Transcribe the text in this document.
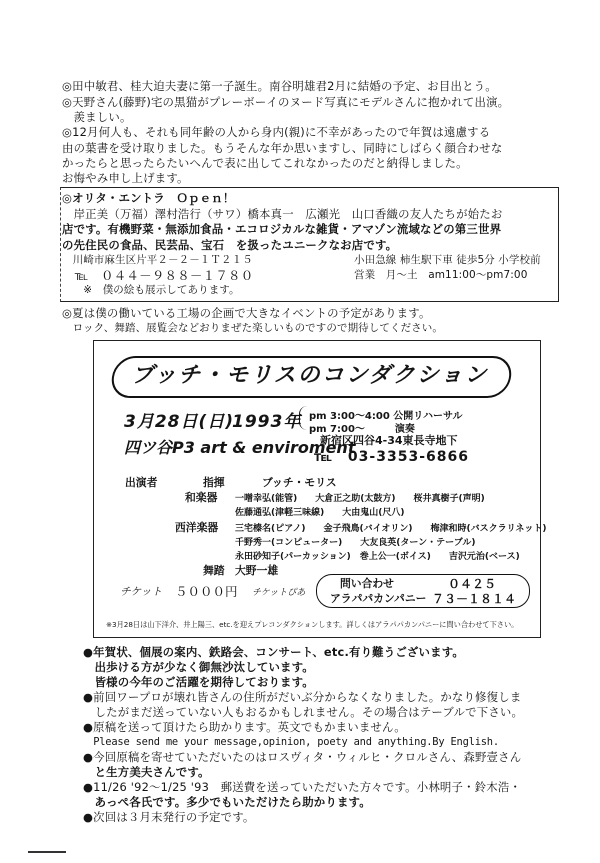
◎田中敏君、桂大迫夫妻に第一子誕生。南谷明雄君2月に結婚の予定、お目出とう。
◎天野さん(藤野)宅の黒猫がプレーボーイのヌード写真にモデルさんに抱かれて出演。
　羨ましい。
◎12月何人も、それも同年齢の人から身内(親)に不幸があったので年賀は遠慮する
由の葉書を受け取りました。もうそんな年か思いますし、同時にしばらく顔合わせな
かったらと思ったらたいへんで表に出してこれなかったのだと納得しました。
お悔やみ申し上げます。
◎オリタ・エントラ　Ｏｐｅｎ！
　岸正美（万福）澤村浩行（サワ）橋本真一　広瀬光　山口香織の友人たちが始たお
店です。有機野菜・無添加食品・エコロジカルな雑貨・アマゾン流域などの第三世界
の先住民の食品、民芸品、宝石　を扱ったユニークなお店です。
　川崎市麻生区片平２－２－１Ｔ２１５	小田急線 柿生駅下車 徒歩5分 小学校前
　℡　０４４－９８８－１７８０	営業　月〜土　am11:00〜pm7:00
　　※　僕の絵も展示してあります。
◎夏は僕の働いている工場の企画で大きなイベントの予定があります。
　ロック、舞踏、展覧会などおりまぜた楽しいものですので期待してください。
ブッチ・モリスのコンダクション
3月28日(日)
1993年 pm 3:00〜4:00 公開リハーサル
pm 7:00〜　　　演奏
四ツ谷P3 art & enviroment
新宿区四谷4-34東長寺地下
℡　03-3353-6866
出演者	指揮	ブッチ・モリス
和楽器 一噌幸弘(能管)　　大倉正之助(太鼓方)　　桜井真樹子(声明)
佐藤通弘(津軽三味線)　　大由鬼山(尺八)
西洋楽器 三宅榛名(ピアノ)　　金子飛鳥(バイオリン)　　梅津和時(バスクラリネット)
千野秀一(コンピューター)　　大友良英(ターン・テーブル)
永田砂知子(パーカッション)　巻上公一(ボイス)　　吉沢元治(ベース)
舞踏 大野一雄
チケット ５０００円 チケットぴあ
問い合わせ	０４２５
アラパパカンパニー ７３－１８１４
※3月28日は山下洋介、井上陽三、etc.を迎えプレコンダクションします。詳しくはアラパパカンパニーに問い合わせて下さい。
●年賀状、個展の案内、鉄路会、コンサート、etc.有り難うございます。
　出歩ける方が少なく御無沙汰しています。
　皆様の今年のご活躍を期待しております。
●前回ワープロが壊れ皆さんの住所がだいぶ分からなくなりました。かなり修復しま
　したがまだ送っていない人もおるかもしれません。その場合はテーブルで下さい。
●原稿を送って頂けたら助かります。英文でもかまいません。
　Please send me your message,opinion, poety and anything.By English.
●今回原稿を寄せていただいたのはロスヴィタ・ウィルヒ・クロルさん、森野壹さん
　と生方美夫さんです。
●11/26 '92〜1/25 '93　郵送費を送っていただいた方々です。小林明子・鈴木浩・
　あっぺ各氏です。多少でもいただけたら助かります。
●次回は３月末発行の予定です。
